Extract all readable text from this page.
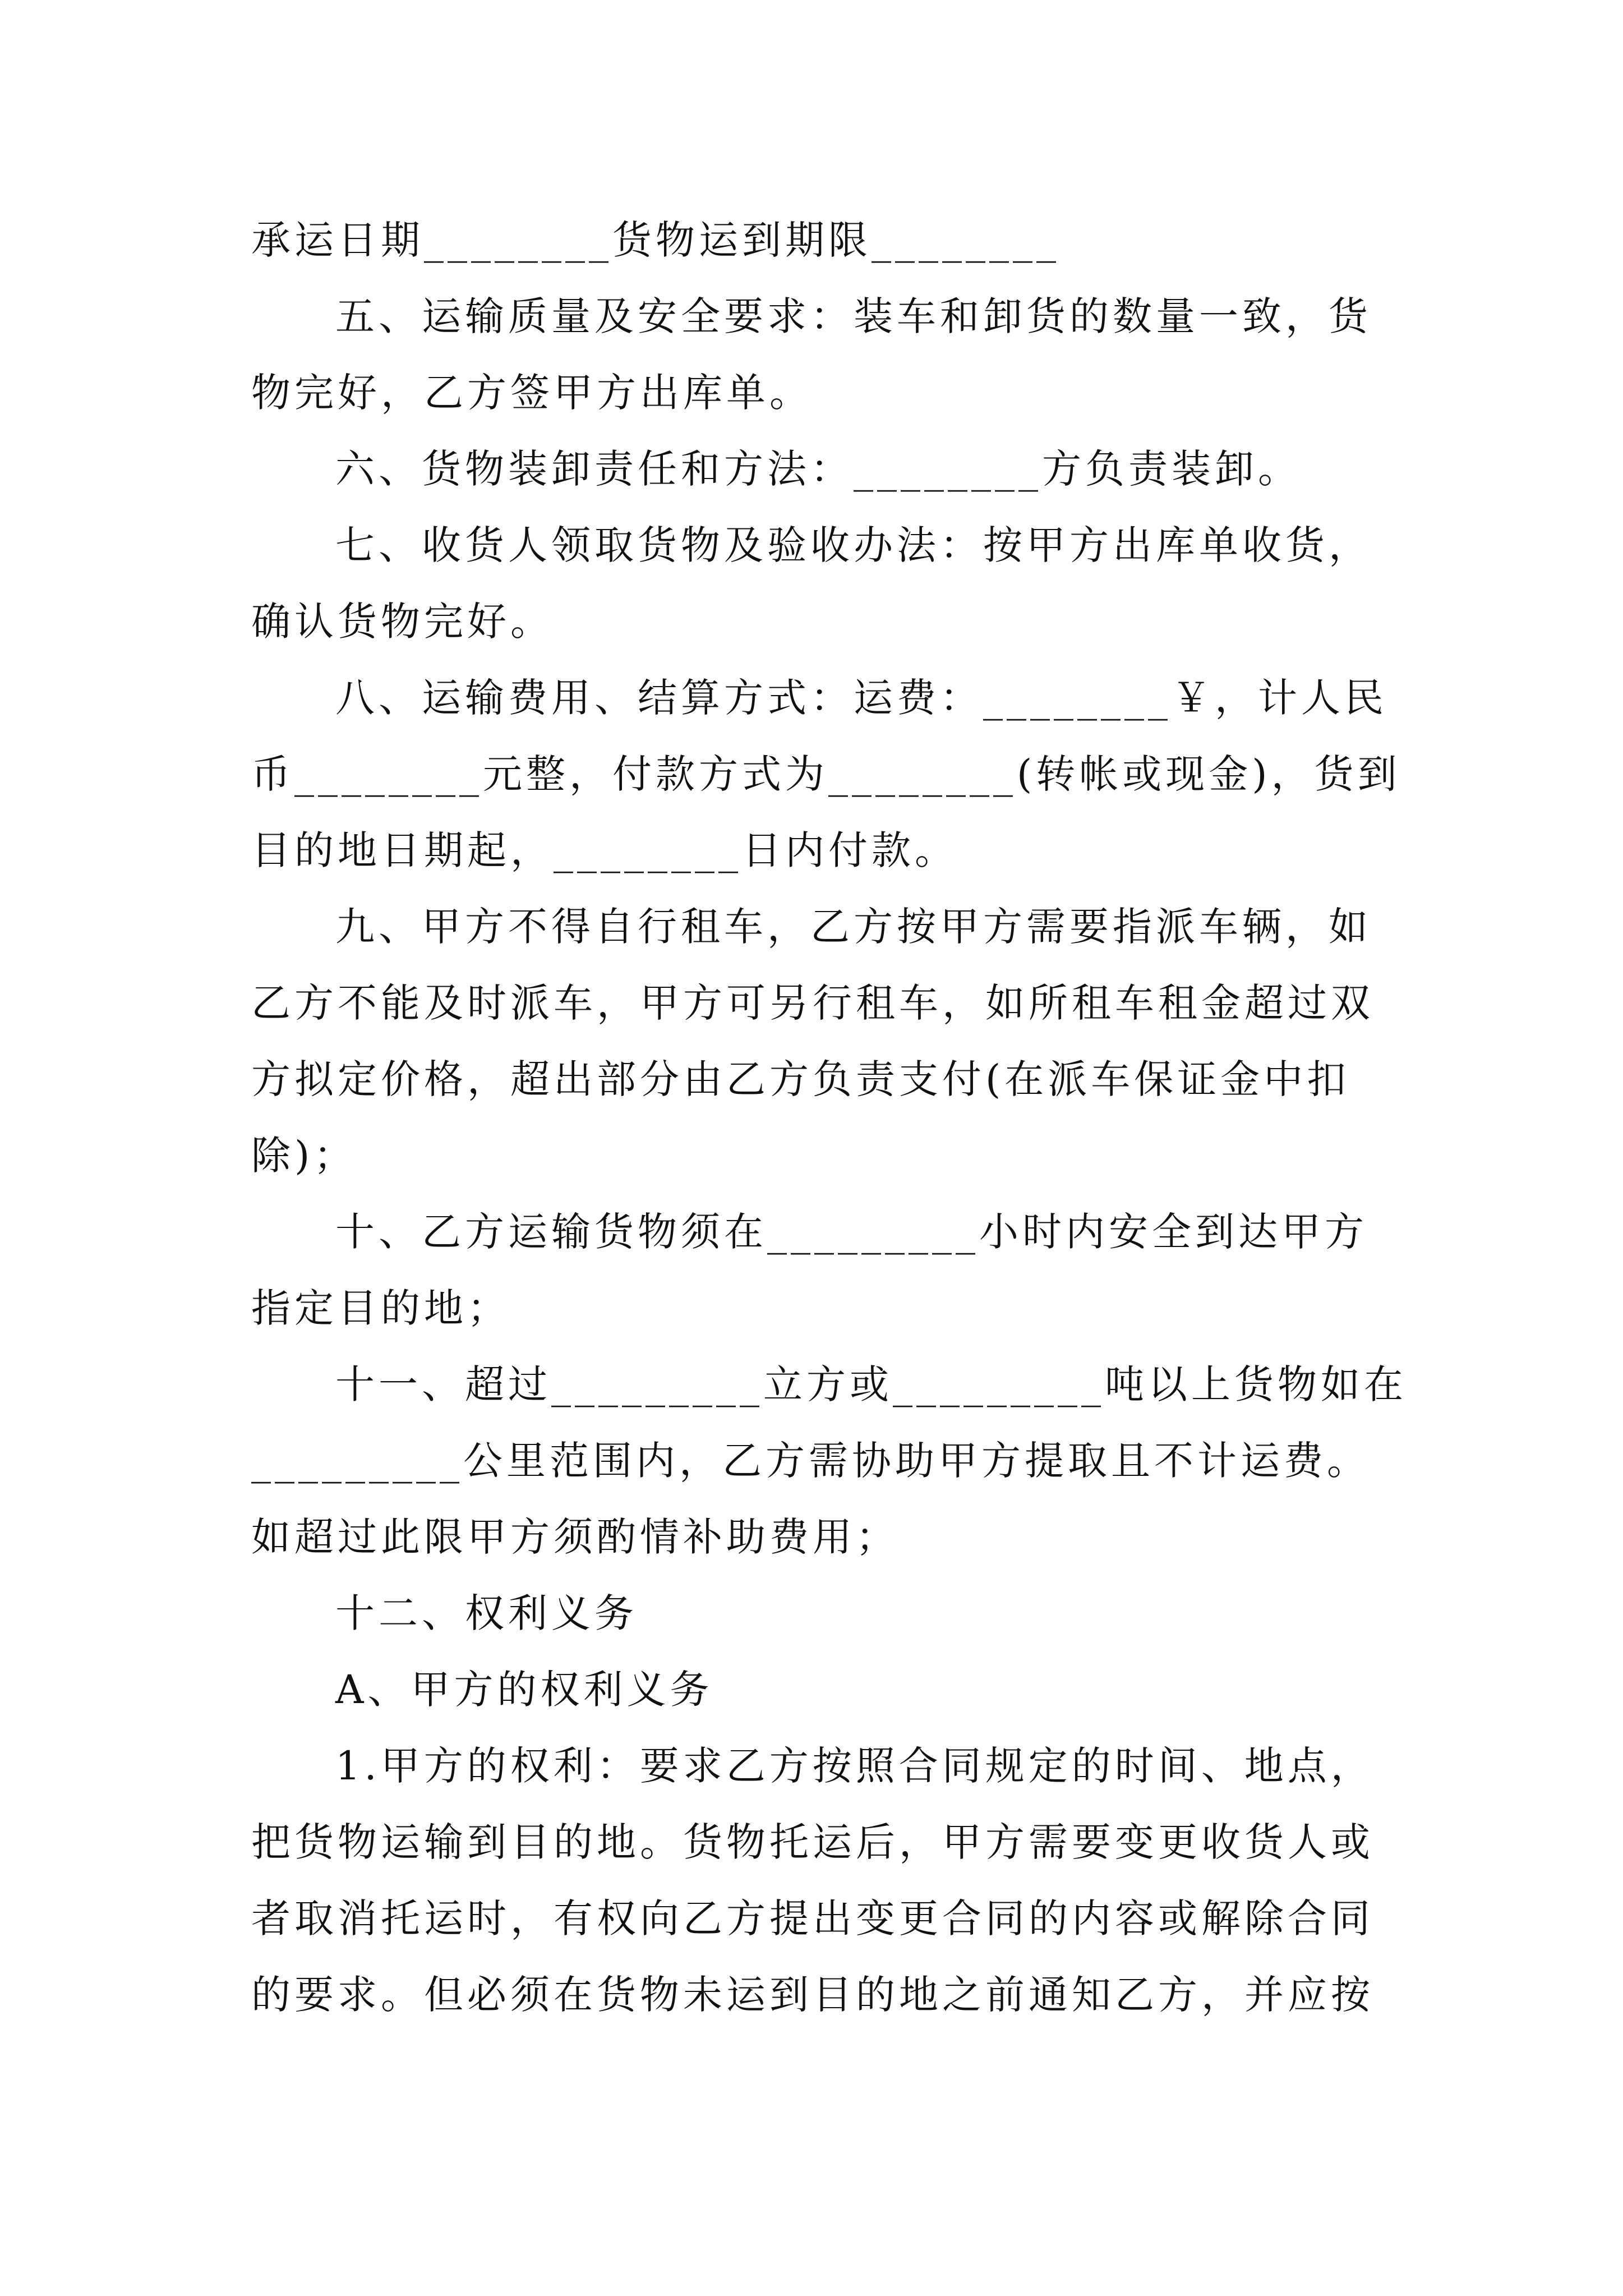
承运日期________货物运到期限________
五、运输质量及安全要求：装车和卸货的数量一致，货
物完好，乙方签甲方出库单。
六、货物装卸责任和方法：________方负责装卸。
七、收货人领取货物及验收办法：按甲方出库单收货，
确认货物完好。
八、运输费用、结算方式：运费：________￥，计人民
币________元整，付款方式为________(转帐或现金)，货到
目的地日期起，________日内付款。
九、甲方不得自行租车，乙方按甲方需要指派车辆，如
乙方不能及时派车，甲方可另行租车，如所租车租金超过双
方拟定价格，超出部分由乙方负责支付(在派车保证金中扣
除)；
十、乙方运输货物须在_________小时内安全到达甲方
指定目的地；
十一、超过_________立方或_________吨以上货物如在
_________公里范围内，乙方需协助甲方提取且不计运费。
如超过此限甲方须酌情补助费用；
十二、权利义务
A、甲方的权利义务
1.甲方的权利：要求乙方按照合同规定的时间、地点，
把货物运输到目的地。货物托运后，甲方需要变更收货人或
者取消托运时，有权向乙方提出变更合同的内容或解除合同
的要求。但必须在货物未运到目的地之前通知乙方，并应按
